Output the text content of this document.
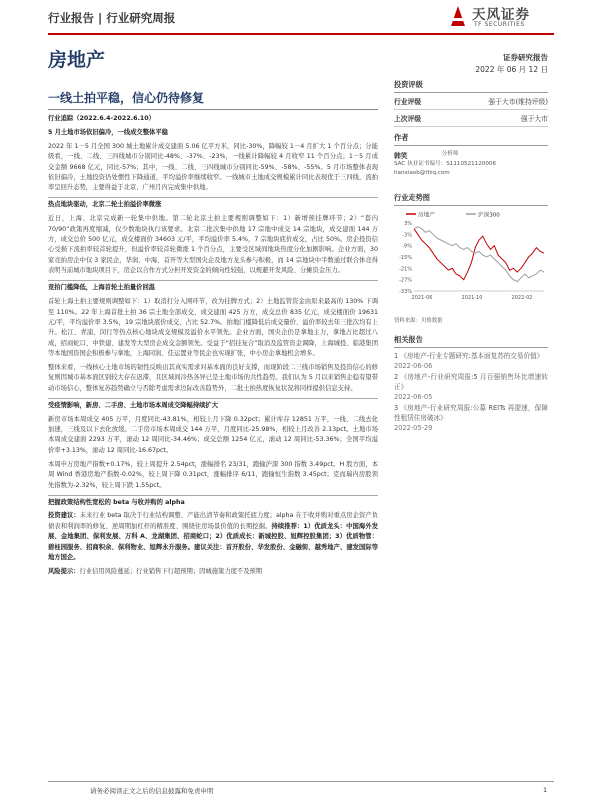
行业报告 | 行业研究周报	天风证券
TF SECURITIES
房地产	证券研究报告
2022 年 06 月 12 日
一线土拍平稳，信心仍待修复
行业追踪（2022.6.4-2022.6.10）
5 月土地市场依旧偏冷，一线成交整体平稳

2022 年 1－5 月全国 300 城土地累计成交建面 5.06 亿平方米，同比-30%，降幅较 1－4 月扩大 1 个百分点；分能级看，一线、二线、三四线城市分别同比-48%、-37%、-23%，一线累计降幅较 4 月收窄 11 个百分点；1－5 月成交金额 9668 亿元，同比-57%；其中，一线、二线、三四线城市分别同比-59%、-58%、-55%。5 月市场整体表现依旧偏冷，土地投资仍处惯性下降通道，平均溢价率继续收窄。一线城市土地成交规模累计同比表现优于三四线，流拍率呈回升态势，主要得益于北京、广州月内完成集中供地。

热点地块驱动，北京二轮土拍溢价率微涨

近日，上海、北京完成新一轮集中供地。第二轮北京土拍主要规则调整如下：1）新增预挂牌环节；2）“套内 70/90”政策再度缩减，仅少数地块执行该要求。北京二批次集中供地 17 宗地中成交 14 宗地块，成交建面 144 万方，成交总价 500 亿元，成交楼面价 34603 元/平，平均溢价率 5.4%，7 宗地块底价成交，占比 50%。房企投资信心受损下流拍率较首轮提升，但溢价率较首轮微涨 1 个百分点，主要受区域间地块热度分化加剧影响。企业方面，30 家竞拍房企中仅 3 家民企，华润、中海、首开等大型国央企及地方龙头参与积极，而 14 宗地块中半数通过联合体竞得表明当前城市地块项目下，房企以合作方式分担开发资金的倾向性较强，以规避开发风险、分摊资金压力。

竞拍门槛降低，上海首轮土拍量价回温

首轮上海土拍主要规则调整如下：1）取消打分入围环节，改为挂牌方式；2）土地监管资金由原来最高的 130% 下调至 110%。22 年上海首批土拍 36 宗土地全部成交，成交建面 425 万方，成交总价 835 亿元，成交楼面价 19631 元/平，平均溢价率 3.5%，19 宗地块底价成交，占比 52.7%。拍地门槛降低后成交量价、溢价率较去年三批次均有上升。松江、青浦、闵行等热点核心地块成交规模及溢价水平领先。企业方面，国央企仍是拿地主力，拿地占比超过八成，招商蛇口、中铁建、建发等大型房企成交金额领先。受益于“招挂复合”取消及监管资金调降，上海城投、临港集团等本地国资国企积极参与拿地，上海同润、佳运置业等民企也实现扩张，中小房企拿地机会增多。

整体来看，一线核心土地市场的韧性反映出其真实需求对基本面的良好支撑，而现阶段二三线市场销售及投资信心的修复则因城市基本面区别较大存在迟滞，且区域间冷热各异已是土地市场的共性趋势。我们认为 5 月以来销售企稳有望带动市场信心，整体复苏趋势确立与否除考虑需求边际改善趋势外，二批土拍热度恢复状况将同样提供信息支持。

受疫情影响，新房、二手房、土地市场本周成交降幅持续扩大

新房市场本周成交 405 万平，月度同比-43.81%，相较上月下降 0.32pct；累计库存 12851 万平，一线、二线去化加速，三线及以下去化放缓。二手房市场本周成交 144 万平，月度同比-25.98%，相较上月改善 2.13pct。土地市场本周成交建面 2293 万平，滚动 12 周同比-34.46%；成交总额 1254 亿元，滚动 12 周同比-53.36%；全国平均溢价率+3.13%，滚动 12 周同比-16.67pct。

本周申万房地产指数+0.17%，较上周提升 2.54pct，涨幅排名 23/31，跑输沪深 300 指数 3.49pct。H 股方面，本周 Wind 香港房地产指数-0.02%，较上周下降 0.31pct，涨幅排序 6/11，跑输恒生指数 3.45pct；克而瑞内房股领先指数为-2.32%，较上周下跌 1.55pct。

把握政策结构性宽松的 beta 与收并购的 alpha

投资建议：未来行业 beta 取决于行业结构调整、产能出清节奏和政策托底力度；alpha 在于收并购对重点房企资产负债表和利润率的修复、逆周期加杠杆的精准度、围绕住房场景价值的长期挖掘。持续推荐：1）优质龙头：中国海外发展、金地集团、保利发展、万科 A、龙湖集团、招商蛇口；2）优质成长：新城控股、旭辉控股集团；3）优质物管：碧桂园服务、招商积余、保利物业、旭辉永升服务。建议关注：首开股份、华发股份、金融街、越秀地产、建发国际等地方国企。

风险提示：行业信用风险蔓延；行业销售下行超预期；因城施策力度不及预期

投资评级
行业评级	强于大市(维持评级)
上次评级	强于大市
作者
韩笑	分析师
SAC 执业证书编号：S1110521120006
hanxiaob@tfzq.com
行业走势图
房地产	沪深300
3%
-3%
-9%
-15%
-21%
-27%
-33%
2021-06	2021-10	2022-02
资料来源：贝格数据
相关报告
1 《房地产-行业专题研究:基本面复苏的交易价值》
2022-06-06
2 《房地产-行业研究周报:5 月百强销售环比增速转正》
2022-06-05
3 《房地产-行业研究周报:公募 REITs 再提速，保障性租赁住房破冰》
2022-05-29
请务必阅读正文之后的信息披露和免责申明	1
